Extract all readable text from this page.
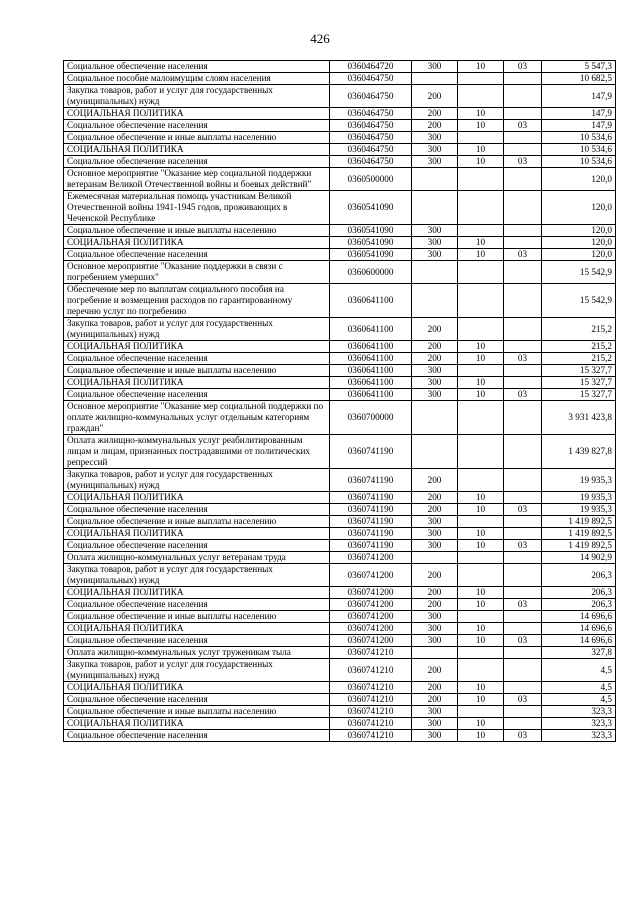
426
Социальное обеспечение населения	0360464720	300	10	03	5 547,3
Социальное пособие малоимущим слоям населения	0360464750				10 682,5
Закупка товаров, работ и услуг для государственных (муниципальных) нужд	0360464750	200			147,9
СОЦИАЛЬНАЯ ПОЛИТИКА	0360464750	200	10		147,9
Социальное обеспечение населения	0360464750	200	10	03	147,9
Социальное обеспечение и иные выплаты населению	0360464750	300			10 534,6
СОЦИАЛЬНАЯ ПОЛИТИКА	0360464750	300	10		10 534,6
Социальное обеспечение населения	0360464750	300	10	03	10 534,6
Основное мероприятие "Оказание мер социальной поддержки ветеранам Великой Отечественной войны и боевых действий"	0360500000				120,0
Ежемесячная материальная помощь участникам Великой Отечественной войны 1941-1945 годов, проживающих в Чеченской Республике	0360541090				120,0
Социальное обеспечение и иные выплаты населению	0360541090	300			120,0
СОЦИАЛЬНАЯ ПОЛИТИКА	0360541090	300	10		120,0
Социальное обеспечение населения	0360541090	300	10	03	120,0
Основное мероприятие "Оказание поддержки в связи с погребением умерших"	0360600000				15 542,9
Обеспечение мер по выплатам социального пособия на погребение и возмещения расходов по гарантированному перечню услуг по погребению	0360641100				15 542,9
Закупка товаров, работ и услуг для государственных (муниципальных) нужд	0360641100	200			215,2
СОЦИАЛЬНАЯ ПОЛИТИКА	0360641100	200	10		215,2
Социальное обеспечение населения	0360641100	200	10	03	215,2
Социальное обеспечение и иные выплаты населению	0360641100	300			15 327,7
СОЦИАЛЬНАЯ ПОЛИТИКА	0360641100	300	10		15 327,7
Социальное обеспечение населения	0360641100	300	10	03	15 327,7
Основное мероприятие "Оказание мер социальной поддержки по оплате жилищно-коммунальных услуг отдельным категориям граждан"	0360700000				3 931 423,8
Оплата жилищно-коммунальных услуг реабилитированным лицам и лицам, признанных пострадавшими от политических репрессий	0360741190				1 439 827,8
Закупка товаров, работ и услуг для государственных (муниципальных) нужд	0360741190	200			19 935,3
СОЦИАЛЬНАЯ ПОЛИТИКА	0360741190	200	10		19 935,3
Социальное обеспечение населения	0360741190	200	10	03	19 935,3
Социальное обеспечение и иные выплаты населению	0360741190	300			1 419 892,5
СОЦИАЛЬНАЯ ПОЛИТИКА	0360741190	300	10		1 419 892,5
Социальное обеспечение населения	0360741190	300	10	03	1 419 892,5
Оплата жилищно-коммунальных услуг ветеранам труда	0360741200				14 902,9
Закупка товаров, работ и услуг для государственных (муниципальных) нужд	0360741200	200			206,3
СОЦИАЛЬНАЯ ПОЛИТИКА	0360741200	200	10		206,3
Социальное обеспечение населения	0360741200	200	10	03	206,3
Социальное обеспечение и иные выплаты населению	0360741200	300			14 696,6
СОЦИАЛЬНАЯ ПОЛИТИКА	0360741200	300	10		14 696,6
Социальное обеспечение населения	0360741200	300	10	03	14 696,6
Оплата жилищно-коммунальных услуг труженикам тыла	0360741210				327,8
Закупка товаров, работ и услуг для государственных (муниципальных) нужд	0360741210	200			4,5
СОЦИАЛЬНАЯ ПОЛИТИКА	0360741210	200	10		4,5
Социальное обеспечение населения	0360741210	200	10	03	4,5
Социальное обеспечение и иные выплаты населению	0360741210	300			323,3
СОЦИАЛЬНАЯ ПОЛИТИКА	0360741210	300	10		323,3
Социальное обеспечение населения	0360741210	300	10	03	323,3
